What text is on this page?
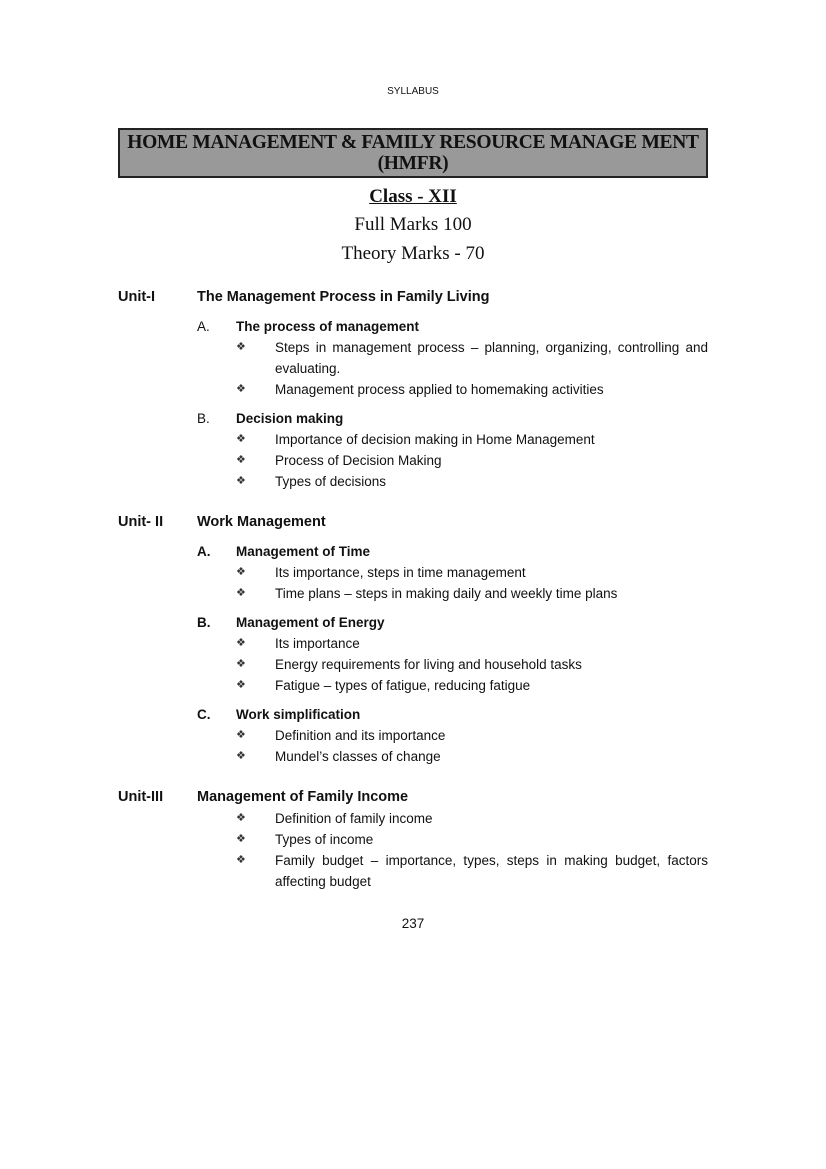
SYLLABUS
HOME MANAGEMENT & FAMILY RESOURCE MANAGE MENT
(HMFR)
Class - XII
Full Marks 100
Theory Marks - 70
Unit-I	The Management Process in Family Living
A.	The process of management
❖	Steps in management process – planning, organizing, controlling and evaluating.
❖	Management process applied to homemaking activities
B.	Decision making
❖	Importance of decision making in Home Management
❖	Process of Decision Making
❖	Types of decisions
Unit- II	Work Management
A.	Management of Time
❖	Its importance, steps in time management
❖	Time plans – steps in making daily and weekly time plans
B.	Management of Energy
❖	Its importance
❖	Energy requirements for living and household tasks
❖	Fatigue – types of fatigue, reducing fatigue
C.	Work simplification
❖	Definition and its importance
❖	Mundel’s classes of change
Unit-III	Management of Family Income
❖	Definition of family income
❖	Types of income
❖	Family budget – importance, types, steps in making budget, factors affecting budget
237
